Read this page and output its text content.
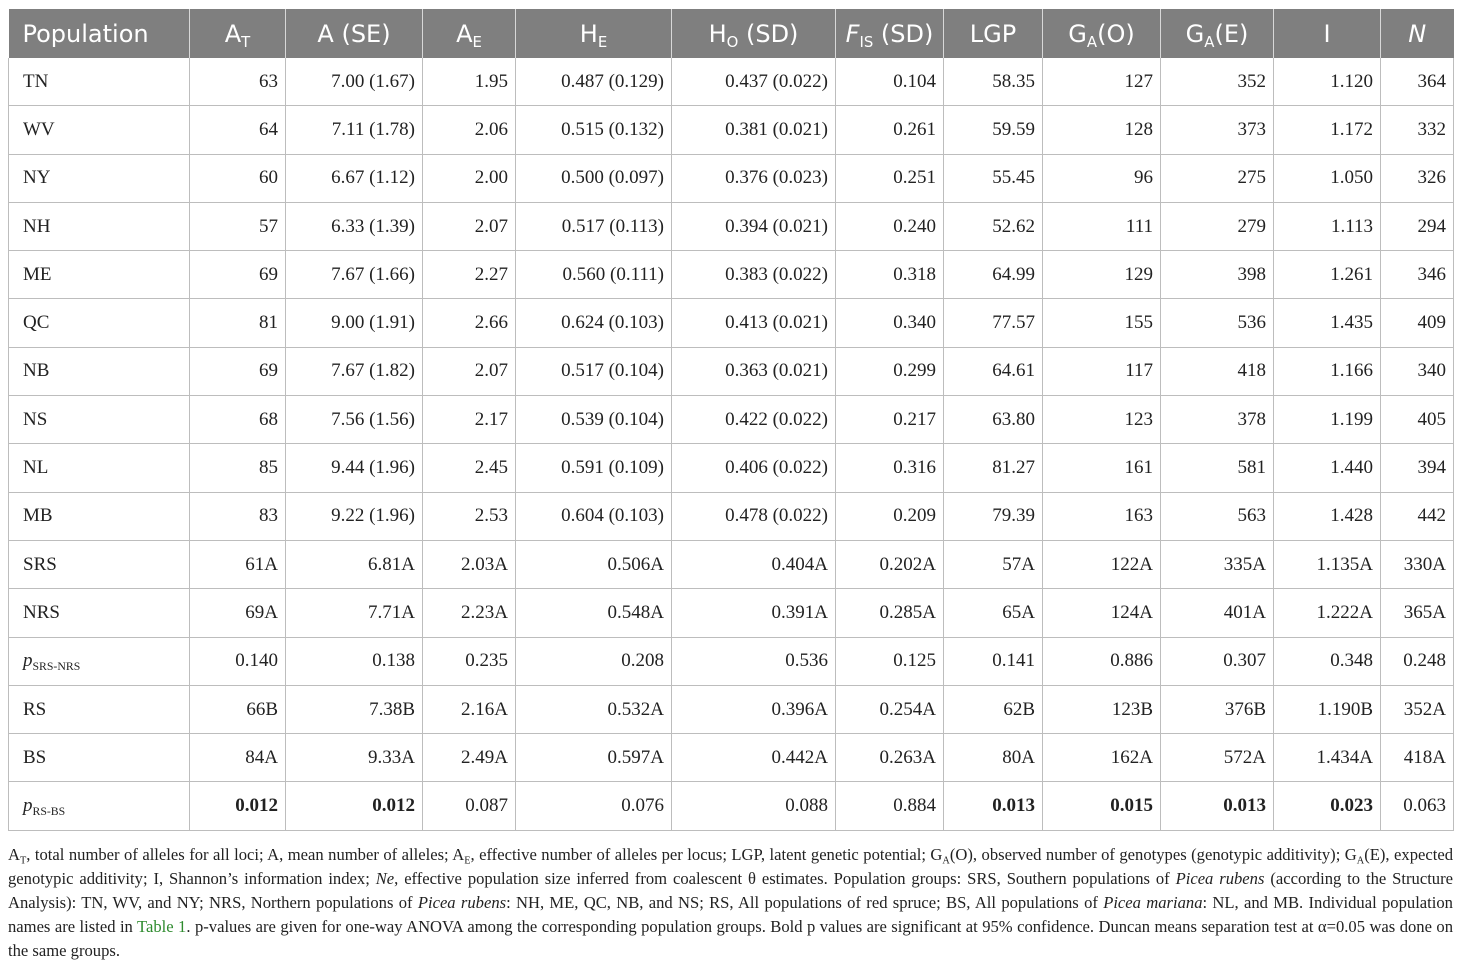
Population	$A_T$	A (SE)	$A_E$	$H_E$	$H_O$ (SD)	$F_{IS}$ (SD)	LGP	$G_A(O)$	$G_A(E)$	I	N
TN	63	7.00 (1.67)	1.95	0.487 (0.129)	0.437 (0.022)	0.104	58.35	127	352	1.120	364
WV	64	7.11 (1.78)	2.06	0.515 (0.132)	0.381 (0.021)	0.261	59.59	128	373	1.172	332
NY	60	6.67 (1.12)	2.00	0.500 (0.097)	0.376 (0.023)	0.251	55.45	96	275	1.050	326
NH	57	6.33 (1.39)	2.07	0.517 (0.113)	0.394 (0.021)	0.240	52.62	111	279	1.113	294
ME	69	7.67 (1.66)	2.27	0.560 (0.111)	0.383 (0.022)	0.318	64.99	129	398	1.261	346
QC	81	9.00 (1.91)	2.66	0.624 (0.103)	0.413 (0.021)	0.340	77.57	155	536	1.435	409
NB	69	7.67 (1.82)	2.07	0.517 (0.104)	0.363 (0.021)	0.299	64.61	117	418	1.166	340
NS	68	7.56 (1.56)	2.17	0.539 (0.104)	0.422 (0.022)	0.217	63.80	123	378	1.199	405
NL	85	9.44 (1.96)	2.45	0.591 (0.109)	0.406 (0.022)	0.316	81.27	161	581	1.440	394
MB	83	9.22 (1.96)	2.53	0.604 (0.103)	0.478 (0.022)	0.209	79.39	163	563	1.428	442
SRS	61A	6.81A	2.03A	0.506A	0.404A	0.202A	57A	122A	335A	1.135A	330A
NRS	69A	7.71A	2.23A	0.548A	0.391A	0.285A	65A	124A	401A	1.222A	365A
$p_{SRS-NRS}$	0.140	0.138	0.235	0.208	0.536	0.125	0.141	0.886	0.307	0.348	0.248
RS	66B	7.38B	2.16A	0.532A	0.396A	0.254A	62B	123B	376B	1.190B	352A
BS	84A	9.33A	2.49A	0.597A	0.442A	0.263A	80A	162A	572A	1.434A	418A
$p_{RS-BS}$	0.012	0.012	0.087	0.076	0.088	0.884	0.013	0.015	0.013	0.023	0.063
$A_T$, total number of alleles for all loci; A, mean number of alleles; $A_E$, effective number of alleles per locus; LGP, latent genetic potential; $G_A(O)$, observed number of genotypes (genotypic additivity); $G_A(E)$, expected genotypic additivity; I, Shannon’s information index; Ne, effective population size inferred from coalescent θ estimates. Population groups: SRS, Southern populations of Picea rubens (according to the Structure Analysis): TN, WV, and NY; NRS, Northern populations of Picea rubens: NH, ME, QC, NB, and NS; RS, All populations of red spruce; BS, All populations of Picea mariana: NL, and MB. Individual population names are listed in Table 1. p-values are given for one-way ANOVA among the corresponding population groups. Bold p values are significant at 95% confidence. Duncan means separation test at α=0.05 was done on the same groups.
